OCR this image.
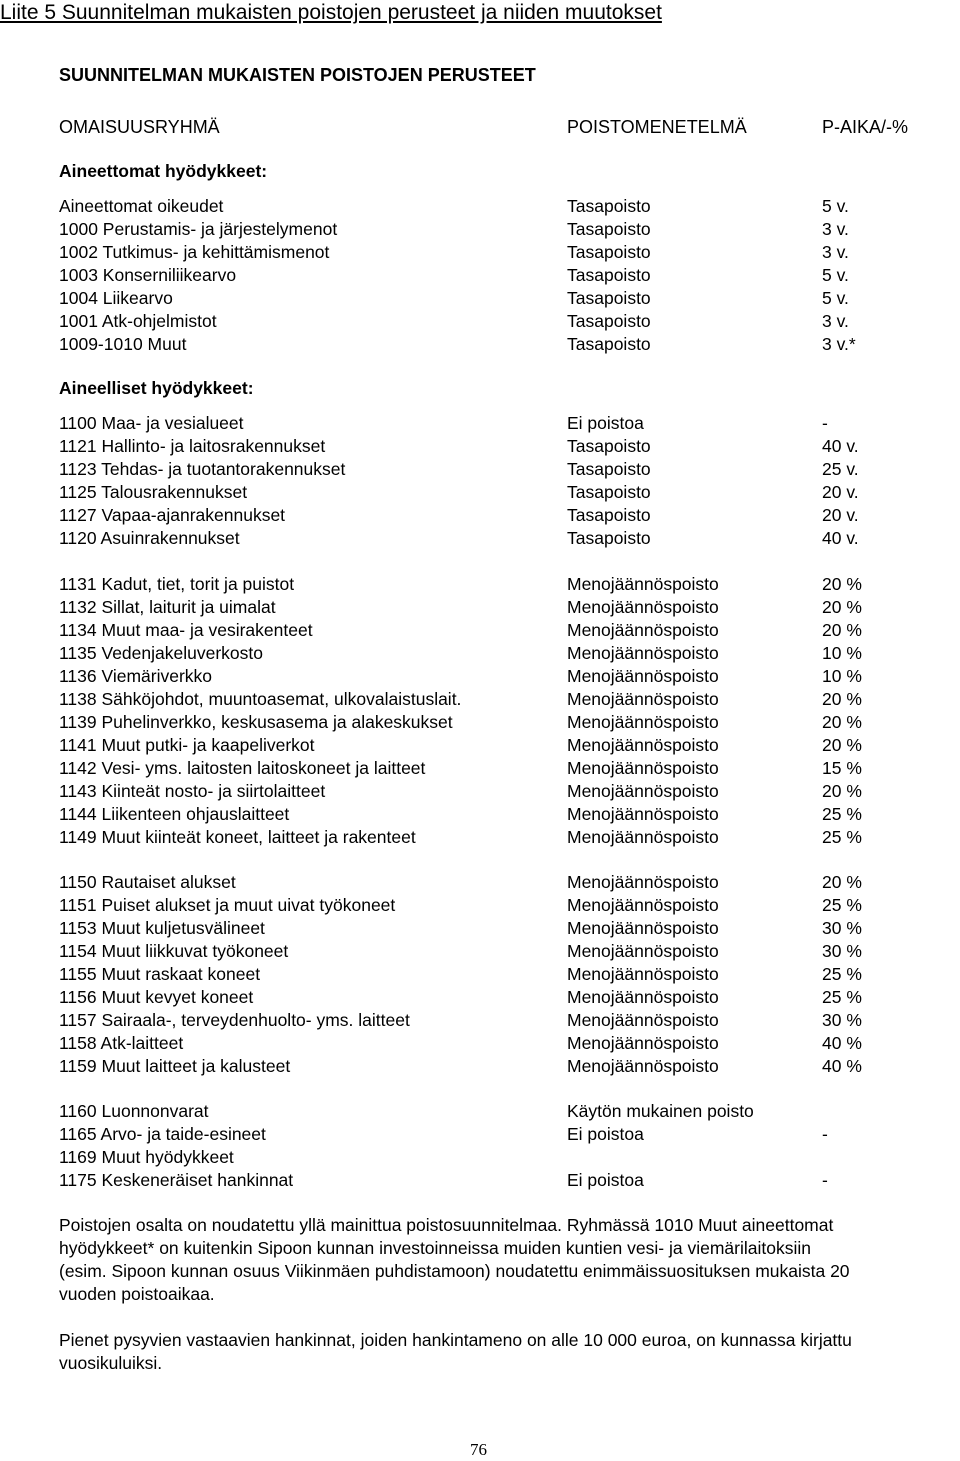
Liite 5 Suunnitelman mukaisten poistojen perusteet ja niiden muutokset
SUUNNITELMAN MUKAISTEN POISTOJEN PERUSTEET
OMAISUUSRYHMÄ	POISTOMENETELMÄ	P-AIKA/-%
Aineettomat hyödykkeet:
Aineettomat oikeudet	Tasapoisto	5 v.
1000 Perustamis- ja järjestelymenot	Tasapoisto	3 v.
1002 Tutkimus- ja kehittämismenot	Tasapoisto	3 v.
1003 Konserniliikearvo	Tasapoisto	5 v.
1004 Liikearvo	Tasapoisto	5 v.
1001 Atk-ohjelmistot	Tasapoisto	3 v.
1009-1010 Muut	Tasapoisto	3 v.*
Aineelliset hyödykkeet:
1100 Maa- ja vesialueet	Ei poistoa	-
1121 Hallinto- ja laitosrakennukset	Tasapoisto	40 v.
1123 Tehdas- ja tuotantorakennukset	Tasapoisto	25 v.
1125 Talousrakennukset	Tasapoisto	20 v.
1127 Vapaa-ajanrakennukset	Tasapoisto	20 v.
1120 Asuinrakennukset	Tasapoisto	40 v.
1131 Kadut, tiet, torit ja puistot	Menojäännöspoisto	20 %
1132 Sillat, laiturit ja uimalat	Menojäännöspoisto	20 %
1134 Muut maa- ja vesirakenteet	Menojäännöspoisto	20 %
1135 Vedenjakeluverkosto	Menojäännöspoisto	10 %
1136 Viemäriverkko	Menojäännöspoisto	10 %
1138 Sähköjohdot, muuntoasemat, ulkovalaistuslait.	Menojäännöspoisto	20 %
1139 Puhelinverkko, keskusasema ja alakeskukset	Menojäännöspoisto	20 %
1141 Muut putki- ja kaapeliverkot	Menojäännöspoisto	20 %
1142 Vesi- yms. laitosten laitoskoneet ja laitteet	Menojäännöspoisto	15 %
1143 Kiinteät nosto- ja siirtolaitteet	Menojäännöspoisto	20 %
1144 Liikenteen ohjauslaitteet	Menojäännöspoisto	25 %
1149 Muut kiinteät koneet, laitteet ja rakenteet	Menojäännöspoisto	25 %
1150 Rautaiset alukset	Menojäännöspoisto	20 %
1151 Puiset alukset ja muut uivat työkoneet	Menojäännöspoisto	25 %
1153 Muut kuljetusvälineet	Menojäännöspoisto	30 %
1154 Muut liikkuvat työkoneet	Menojäännöspoisto	30 %
1155 Muut raskaat koneet	Menojäännöspoisto	25 %
1156 Muut kevyet koneet	Menojäännöspoisto	25 %
1157 Sairaala-, terveydenhuolto- yms. laitteet	Menojäännöspoisto	30 %
1158 Atk-laitteet	Menojäännöspoisto	40 %
1159 Muut laitteet ja kalusteet	Menojäännöspoisto	40 %
1160 Luonnonvarat	Käytön mukainen poisto
1165 Arvo- ja taide-esineet	Ei poistoa	-
1169 Muut hyödykkeet
1175 Keskeneräiset hankinnat	Ei poistoa	-
Poistojen osalta on noudatettu yllä mainittua poistosuunnitelmaa. Ryhmässä 1010 Muut aineettomat
hyödykkeet* on kuitenkin Sipoon kunnan investoinneissa muiden kuntien vesi- ja viemärilaitoksiin
(esim. Sipoon kunnan osuus Viikinmäen puhdistamoon) noudatettu enimmäissuosituksen mukaista 20
vuoden poistoaikaa.
Pienet pysyvien vastaavien hankinnat, joiden hankintameno on alle 10 000 euroa, on kunnassa kirjattu
vuosikuluiksi.
76
